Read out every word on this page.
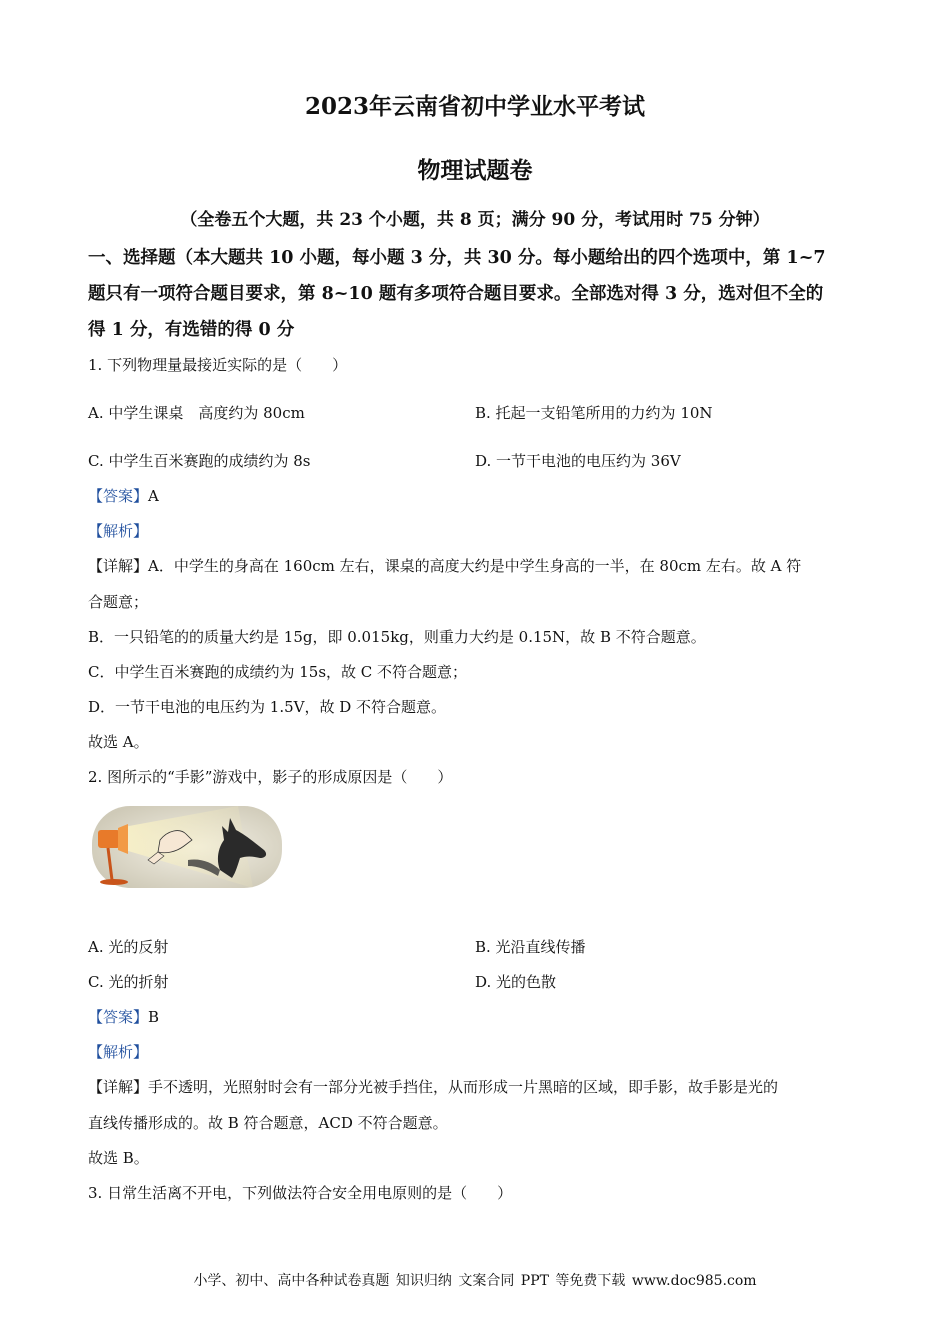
2023年云南省初中学业水平考试
物理试题卷
（全卷五个大题，共 23 个小题，共 8 页；满分 90 分，考试用时 75 分钟）
一、选择题（本大题共 10 小题，每小题 3 分，共 30 分。每小题给出的四个选项中，第 1~7
题只有一项符合题目要求，第 8~10 题有多项符合题目要求。全部选对得 3 分，选对但不全的
得 1 分，有选错的得 0 分
1. 下列物理量最接近实际的是（　　）
A. 中学生课桌　高度约为 80cm	B. 托起一支铅笔所用的力约为 10N
C. 中学生百米赛跑的成绩约为 8s	D. 一节干电池的电压约为 36V
【答案】A
【解析】
【详解】A．中学生的身高在 160cm 左右，课桌的高度大约是中学生身高的一半，在 80cm 左右。故 A 符
合题意；
B．一只铅笔的的质量大约是 15g，即 0.015kg，则重力大约是 0.15N，故 B 不符合题意。
C．中学生百米赛跑的成绩约为 15s，故 C 不符合题意；
D．一节干电池的电压约为 1.5V，故 D 不符合题意。
故选 A。
2. 图所示的“手影”游戏中，影子的形成原因是（　　）
A. 光的反射	B. 光沿直线传播
C. 光的折射	D. 光的色散
【答案】B
【解析】
【详解】手不透明，光照射时会有一部分光被手挡住，从而形成一片黑暗的区域，即手影，故手影是光的
直线传播形成的。故 B 符合题意，ACD 不符合题意。
故选 B。
3. 日常生活离不开电，下列做法符合安全用电原则的是（　　）
小学、初中、高中各种试卷真题 知识归纳 文案合同 PPT 等免费下载 www.doc985.com
